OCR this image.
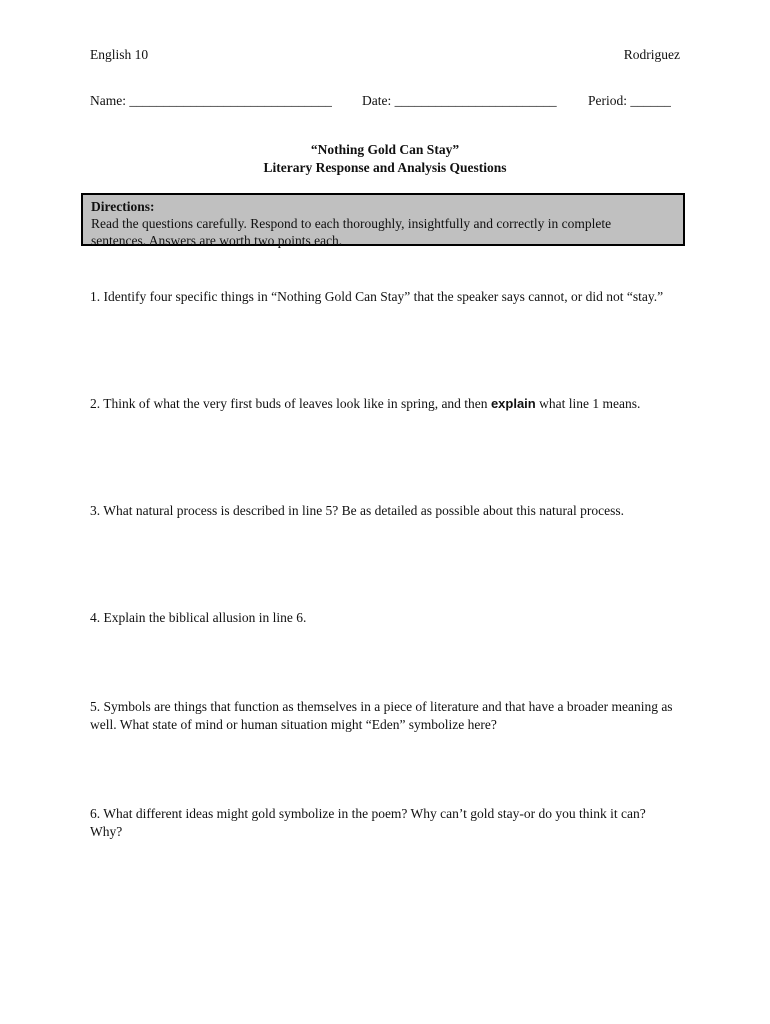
English 10	Rodriguez
Name: ______________________________ Date: ________________________ Period: ______
“Nothing Gold Can Stay”
Literary Response and Analysis Questions
Directions:
Read the questions carefully. Respond to each thoroughly, insightfully and correctly in complete
sentences. Answers are worth two points each.
1. Identify four specific things in “Nothing Gold Can Stay” that the speaker says cannot, or did not “stay.”
2. Think of what the very first buds of leaves look like in spring, and then explain what line 1 means.
3. What natural process is described in line 5? Be as detailed as possible about this natural process.
4. Explain the biblical allusion in line 6.
5. Symbols are things that function as themselves in a piece of literature and that have a broader meaning as well. What state of mind or human situation might “Eden” symbolize here?
6. What different ideas might gold symbolize in the poem? Why can’t gold stay-or do you think it can? Why?
